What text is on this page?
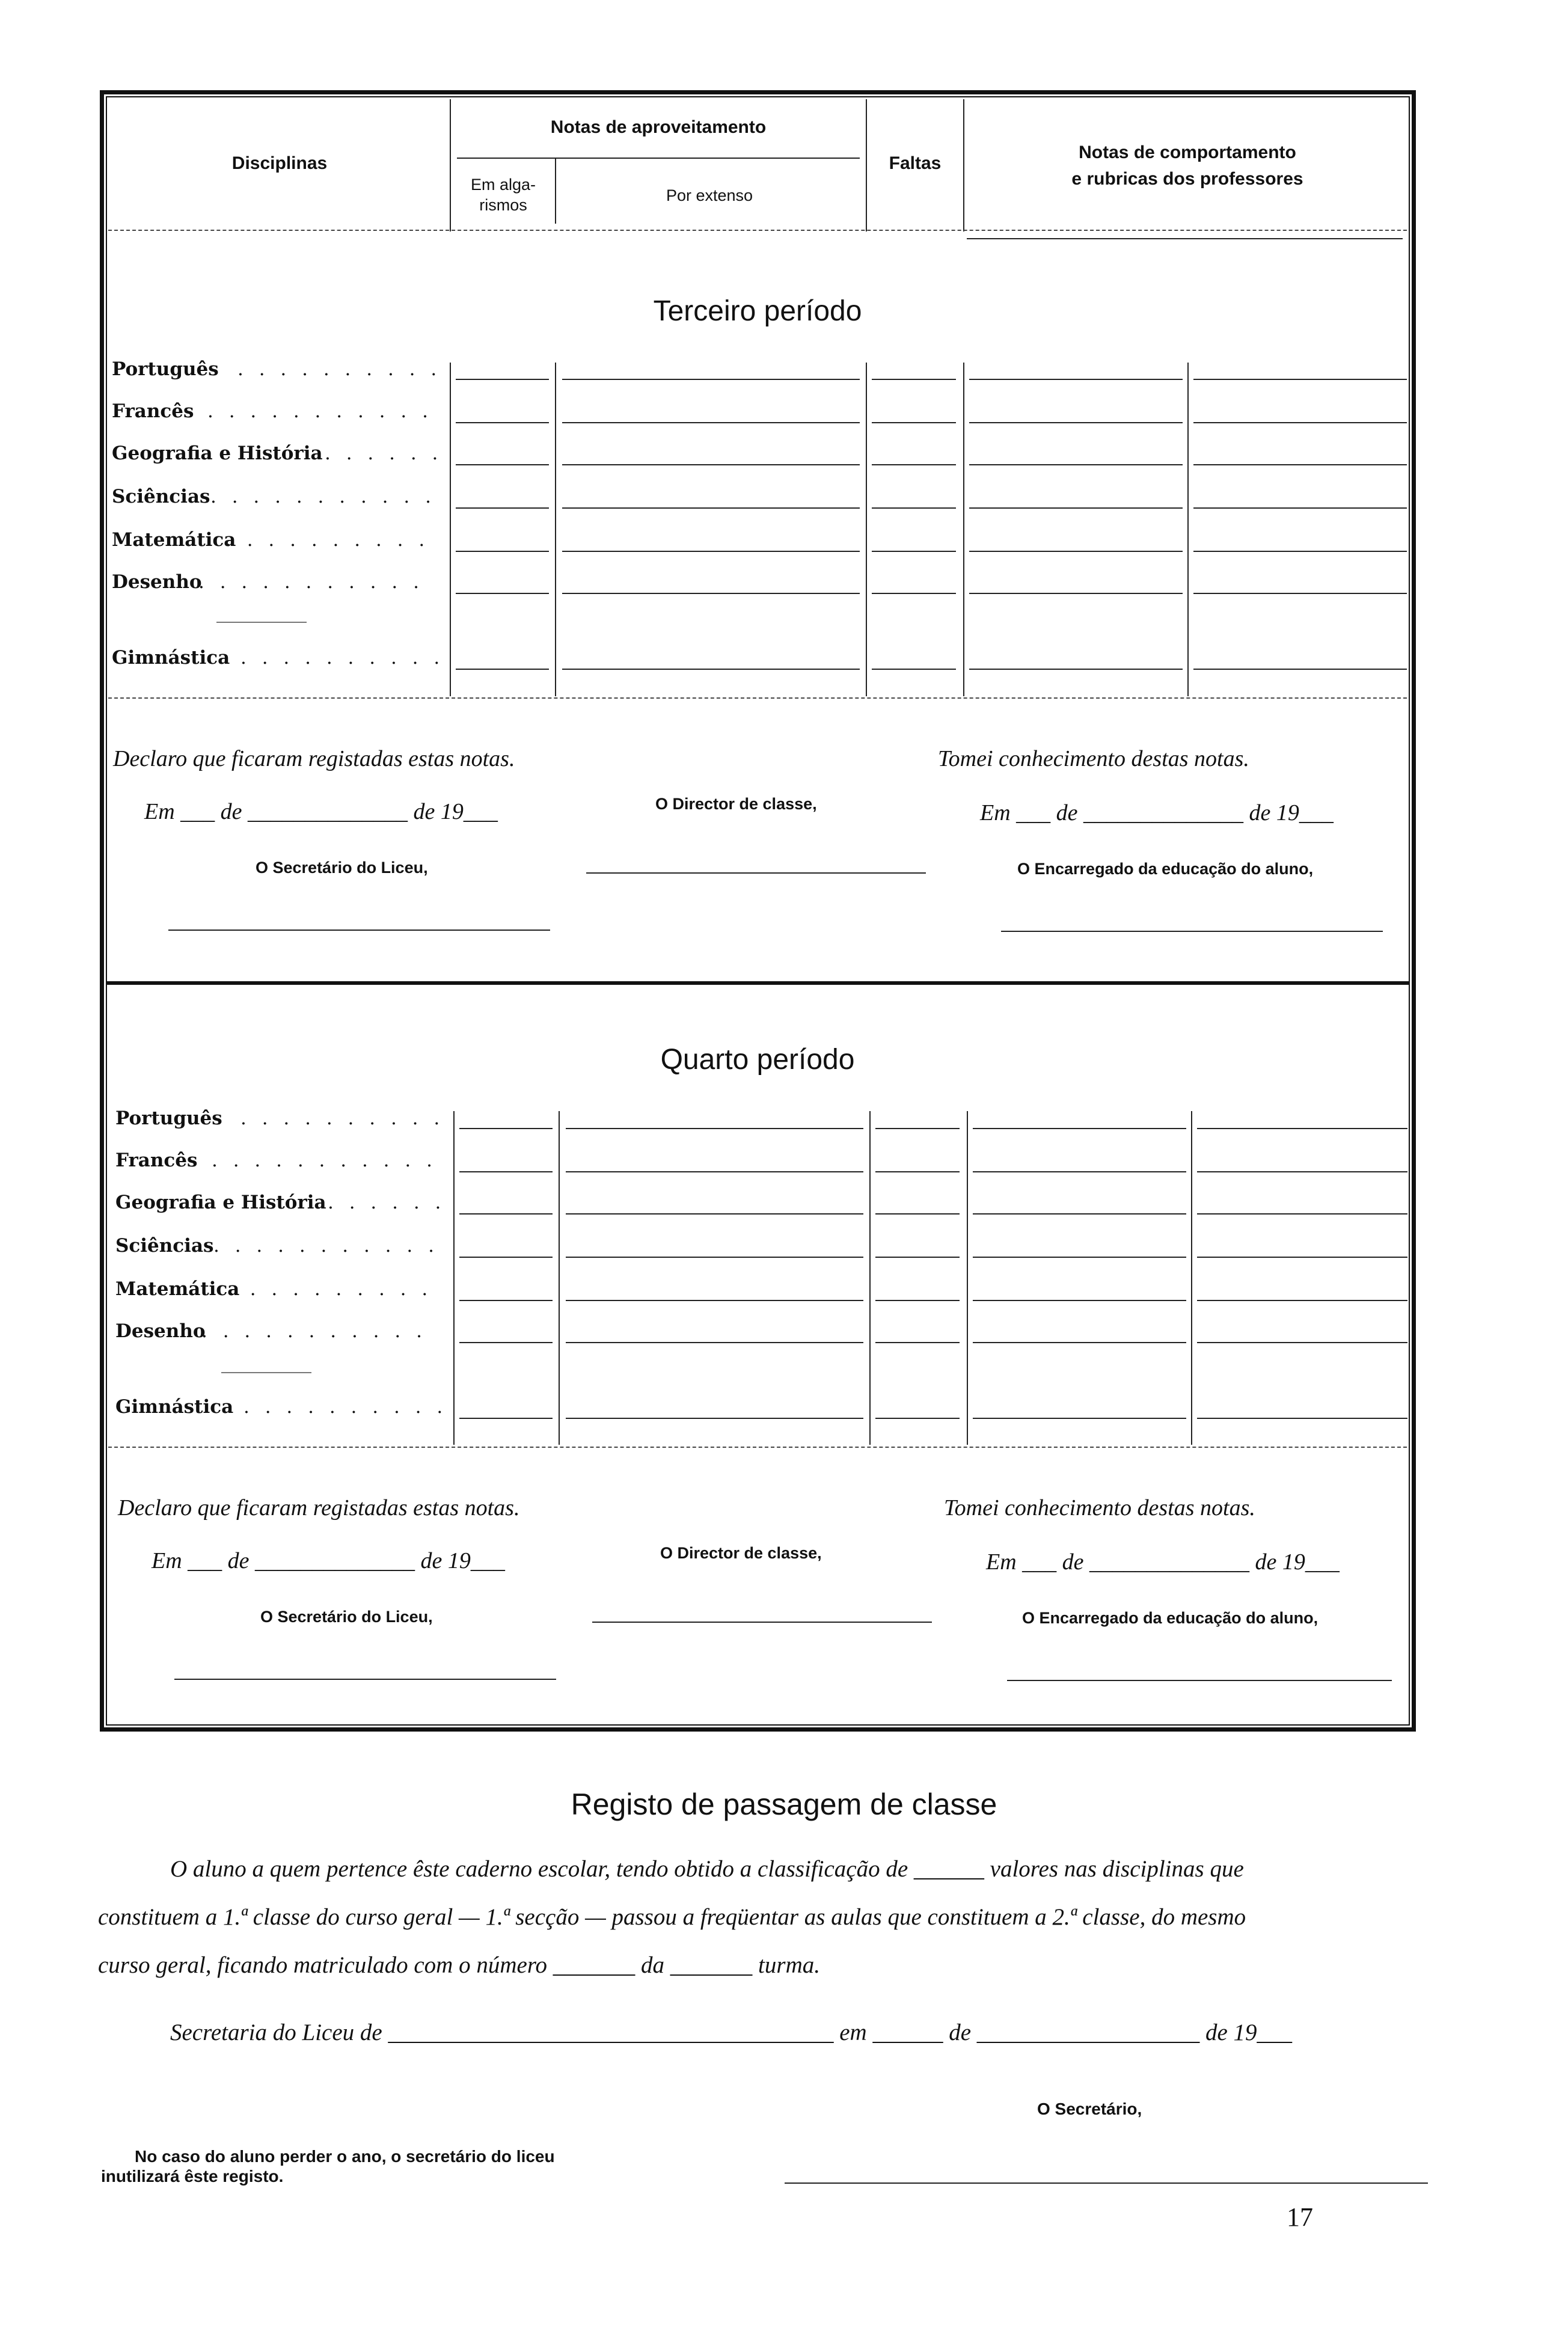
Disciplinas
Notas de aproveitamento
Em alga-
rismos
Por extenso
Faltas
Notas de comportamento
e rubricas dos professores
Terceiro período
Português
Francês
Geografia e História
Sciências
Matemática
Desenho
Gimnástica
. . . . . . . . . .
. . . . . . . . . . .
. . . . . .
. . . . . . . . . . .
. . . . . . . . . .
. . . . . . . . . . .
. . . . . . . . . .
Declaro que ficaram registadas estas notas.
Em ___ de ______________ de 19___	O Director de classe,
O Secretário do Liceu,
Tomei conhecimento destas notas.
Em ___ de ______________ de 19___
O Encarregado da educação do aluno,
Quarto período
Português
Francês
Geografia e História
Sciências
Matemática
Desenho
Gimnástica
. . . . . . . . . .
. . . . . . . . . . .
. . . . . .
. . . . . . . . . . .
. . . . . . . . . .
. . . . . . . . . . .
. . . . . . . . . .
Declaro que ficaram registadas estas notas.
Em ___ de ______________ de 19___	O Director de classe,
O Secretário do Liceu,
Tomei conhecimento destas notas.
Em ___ de ______________ de 19___
O Encarregado da educação do aluno,
Registo de passagem de classe
O aluno a quem pertence êste caderno escolar, tendo obtido a classificação de ______ valores nas disciplinas que
constituem a 1.ª classe do curso geral — 1.ª secção — passou a freqüentar as aulas que constituem a 2.ª classe, do mesmo
curso geral, ficando matriculado com o número _______ da _______ turma.
Secretaria do Liceu de ______________________________________ em ______ de ___________________ de 19___
O Secretário,
No caso do aluno perder o ano, o secretário do liceu
inutilizará êste registo.
17
